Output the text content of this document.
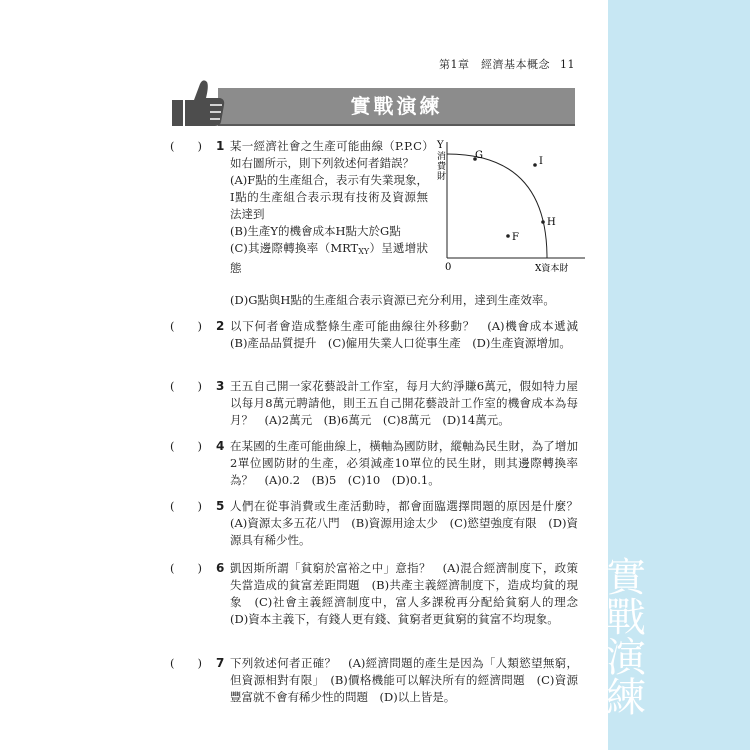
實
戰
演
練
第1章　經濟基本概念 11
實戰演練
(　　)	1 某一經濟社會之生產可能曲線（P.P.C）如右圖所示，則下列敘述何者錯誤？
(A)F點的生產組合，表示有失業現象，I點的生產組合表示現有技術及資源無法達到
(B)生產Y的機會成本H點大於G點
(C)其邊際轉換率$(MRT_{XY})$呈遞增狀態
(D)G點與H點的生產組合表示資源已充分利用，達到生產效率。
Y
消
費
財
0	X資本財
G
I
H
F
(　　)	2 以下何者會造成整條生產可能曲線往外移動？　(A)機會成本遞減　(B)產品品質提升　(C)僱用失業人口從事生產　(D)生產資源增加。
(　　)	3 王五自己開一家花藝設計工作室，每月大約淨賺6萬元，假如特力屋以每月8萬元聘請他，則王五自己開花藝設計工作室的機會成本為每月？　(A)2萬元　(B)6萬元　(C)8萬元　(D)14萬元。
(　　)	4 在某國的生產可能曲線上，橫軸為國防財，縱軸為民生財，為了增加2單位國防財的生產，必須減產10單位的民生財，則其邊際轉換率為？　(A)0.2　(B)5　(C)10　(D)0.1。
(　　)	5 人們在從事消費或生產活動時，都會面臨選擇問題的原因是什麼？　(A)資源太多五花八門　(B)資源用途太少　(C)慾望強度有限　(D)資源具有稀少性。
(　　)	6 凱因斯所謂「貧窮於富裕之中」意指？　(A)混合經濟制度下，政策失當造成的貧富差距問題　(B)共產主義經濟制度下，造成均貧的現象　(C)社會主義經濟制度中，富人多課稅再分配給貧窮人的理念　(D)資本主義下，有錢人更有錢、貧窮者更貧窮的貧富不均現象。
(　　)	7 下列敘述何者正確？　(A)經濟問題的產生是因為「人類慾望無窮，但資源相對有限」　(B)價格機能可以解決所有的經濟問題　(C)資源豐富就不會有稀少性的問題　(D)以上皆是。
